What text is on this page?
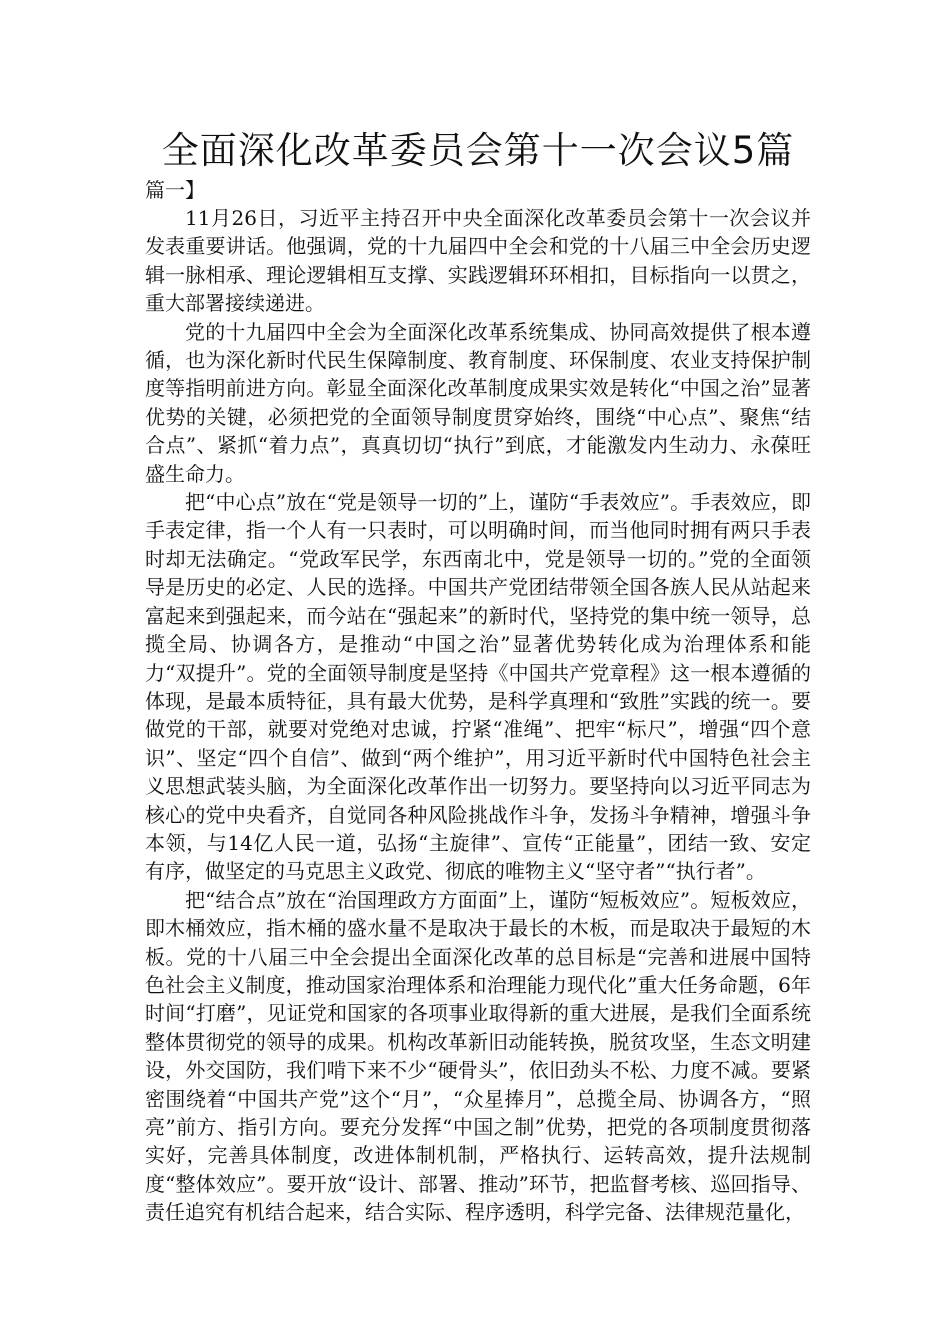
全面深化改革委员会第十一次会议5篇

篇一】

11月26日，习近平主持召开中央全面深化改革委员会第十一次会议并发表重要讲话。他强调，党的十九届四中全会和党的十八届三中全会历史逻辑一脉相承、理论逻辑相互支撑、实践逻辑环环相扣，目标指向一以贯之，重大部署接续递进。

党的十九届四中全会为全面深化改革系统集成、协同高效提供了根本遵循，也为深化新时代民生保障制度、教育制度、环保制度、农业支持保护制度等指明前进方向。彰显全面深化改革制度成果实效是转化“中国之治”显著优势的关键，必须把党的全面领导制度贯穿始终，围绕“中心点”、聚焦“结合点”、紧抓“着力点”，真真切切“执行”到底，才能激发内生动力、永葆旺盛生命力。

把“中心点”放在“党是领导一切的”上，谨防“手表效应”。手表效应，即手表定律，指一个人有一只表时，可以明确时间，而当他同时拥有两只手表时却无法确定。“党政军民学，东西南北中，党是领导一切的。”党的全面领导是历史的必定、人民的选择。中国共产党团结带领全国各族人民从站起来富起来到强起来，而今站在“强起来”的新时代，坚持党的集中统一领导，总揽全局、协调各方，是推动“中国之治”显著优势转化成为治理体系和能力“双提升”。党的全面领导制度是坚持《中国共产党章程》这一根本遵循的体现，是最本质特征，具有最大优势，是科学真理和“致胜”实践的统一。要做党的干部，就要对党绝对忠诚，拧紧“准绳”、把牢“标尺”，增强“四个意识”、坚定“四个自信”、做到“两个维护”，用习近平新时代中国特色社会主义思想武装头脑，为全面深化改革作出一切努力。要坚持向以习近平同志为核心的党中央看齐，自觉同各种风险挑战作斗争，发扬斗争精神，增强斗争本领，与14亿人民一道，弘扬“主旋律”、宣传“正能量”，团结一致、安定有序，做坚定的马克思主义政党、彻底的唯物主义“坚守者”“执行者”。

把“结合点”放在“治国理政方方面面”上，谨防“短板效应”。短板效应，即木桶效应，指木桶的盛水量不是取决于最长的木板，而是取决于最短的木板。党的十八届三中全会提出全面深化改革的总目标是“完善和进展中国特色社会主义制度，推动国家治理体系和治理能力现代化”重大任务命题，6年时间“打磨”，见证党和国家的各项事业取得新的重大进展，是我们全面系统整体贯彻党的领导的成果。机构改革新旧动能转换，脱贫攻坚，生态文明建设，外交国防，我们啃下来不少“硬骨头”，依旧劲头不松、力度不减。要紧密围绕着“中国共产党”这个“月”，“众星捧月”，总揽全局、协调各方，“照亮”前方、指引方向。要充分发挥“中国之制”优势，把党的各项制度贯彻落实好，完善具体制度，改进体制机制，严格执行、运转高效，提升法规制度“整体效应”。要开放“设计、部署、推动”环节，把监督考核、巡回指导、责任追究有机结合起来，结合实际、程序透明，科学完备、法律规范量化，
